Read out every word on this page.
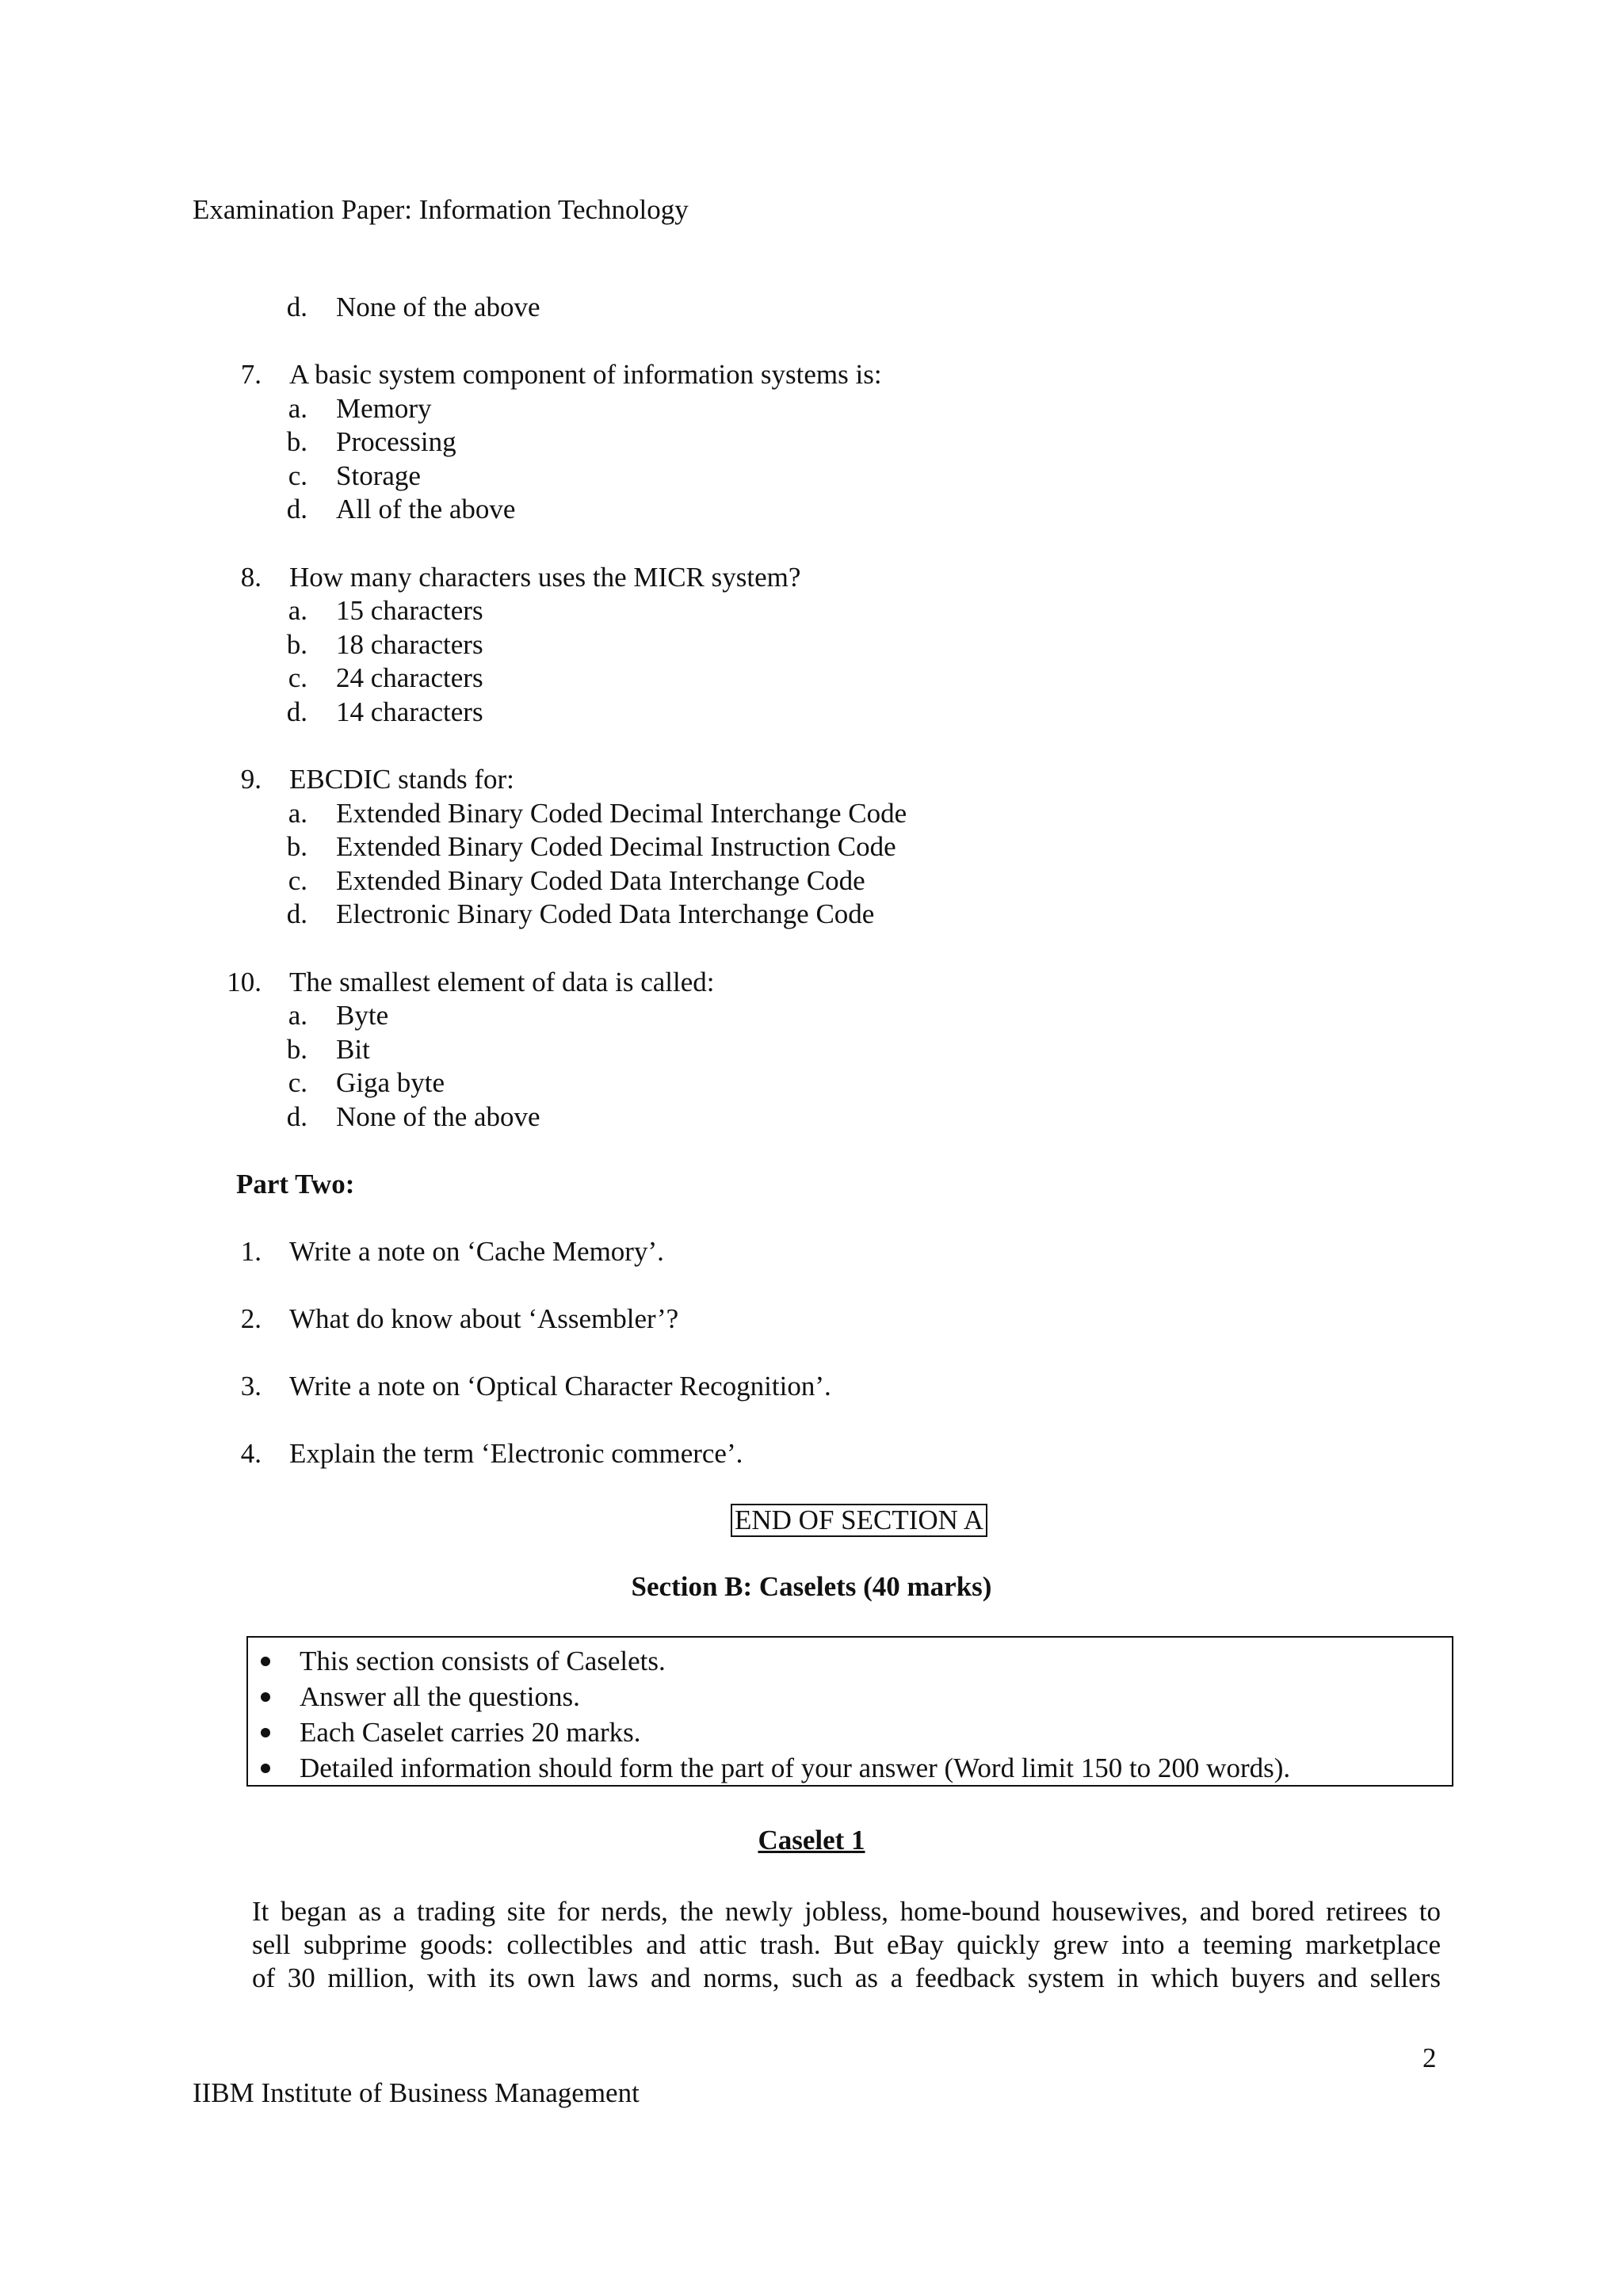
Examination Paper: Information Technology
d. None of the above
7. A basic system component of information systems is:
a. Memory
b. Processing
c. Storage
d. All of the above
8. How many characters uses the MICR system?
a. 15 characters
b. 18 characters
c. 24 characters
d. 14 characters
9. EBCDIC stands for:
a. Extended Binary Coded Decimal Interchange Code
b. Extended Binary Coded Decimal Instruction Code
c. Extended Binary Coded Data Interchange Code
d. Electronic Binary Coded Data Interchange Code
10. The smallest element of data is called:
a. Byte
b. Bit
c. Giga byte
d. None of the above
Part Two:
1. Write a note on ‘Cache Memory’.
2. What do know about ‘Assembler’?
3. Write a note on ‘Optical Character Recognition’.
4. Explain the term ‘Electronic commerce’.
END OF SECTION A
Section B: Caselets (40 marks)
This section consists of Caselets.
Answer all the questions.
Each Caselet carries 20 marks.
Detailed information should form the part of your answer (Word limit 150 to 200 words).
Caselet 1
It began as a trading site for nerds, the newly jobless, home-bound housewives, and bored retirees to
sell subprime goods: collectibles and attic trash. But eBay quickly grew into a teeming marketplace
of 30 million, with its own laws and norms, such as a feedback system in which buyers and sellers
2
IIBM Institute of Business Management
